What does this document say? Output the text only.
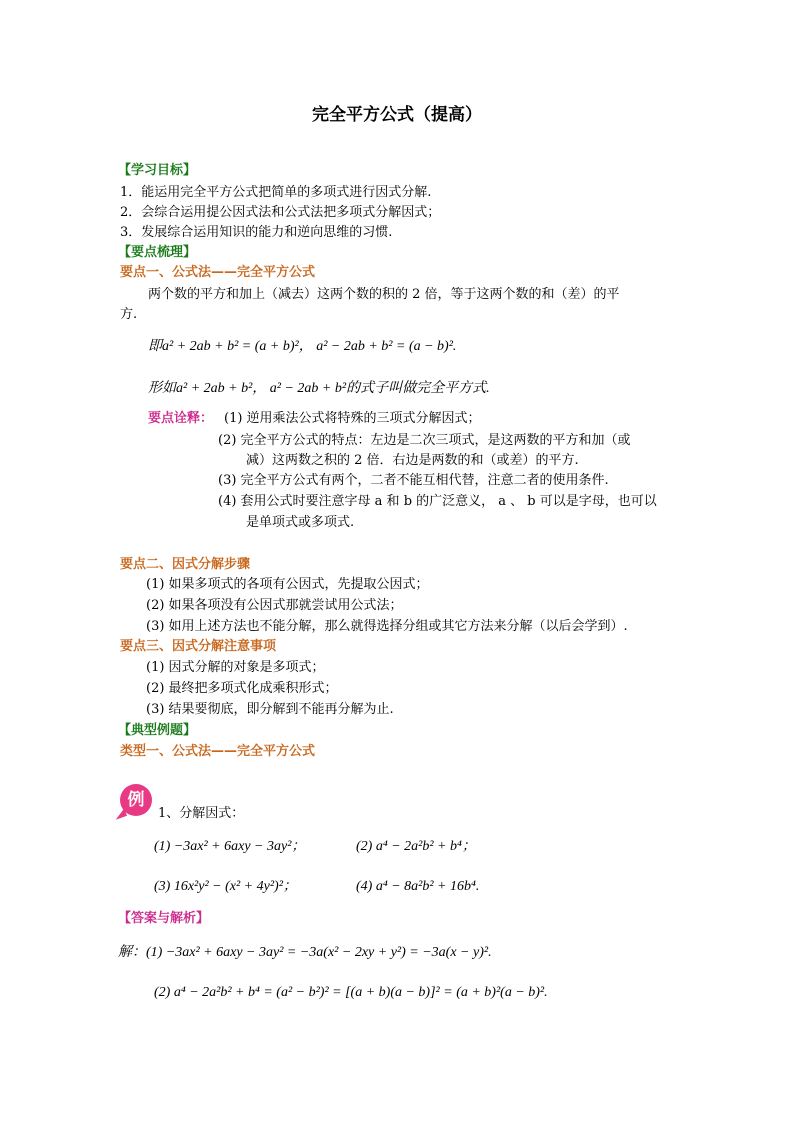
完全平方公式（提高）
【学习目标】
1．能运用完全平方公式把简单的多项式进行因式分解.
2．会综合运用提公因式法和公式法把多项式分解因式；
3．发展综合运用知识的能力和逆向思维的习惯.
【要点梳理】
要点一、公式法——完全平方公式
两个数的平方和加上（减去）这两个数的积的 2 倍，等于这两个数的和（差）的平
方.
即a² + 2ab + b² = (a + b)²， a² − 2ab + b² = (a − b)².
形如a² + 2ab + b²， a² − 2ab + b²的式子叫做完全平方式.
要点诠释： (1) 逆用乘法公式将特殊的三项式分解因式；
(2) 完全平方公式的特点：左边是二次三项式，是这两数的平方和加（或
减）这两数之积的 2 倍．右边是两数的和（或差）的平方.
(3) 完全平方公式有两个，二者不能互相代替，注意二者的使用条件.
(4) 套用公式时要注意字母 a 和 b 的广泛意义， a 、 b 可以是字母，也可以
是单项式或多项式.
要点二、因式分解步骤
(1) 如果多项式的各项有公因式，先提取公因式；
(2) 如果各项没有公因式那就尝试用公式法；
(3) 如用上述方法也不能分解，那么就得选择分组或其它方法来分解（以后会学到）.
要点三、因式分解注意事项
(1) 因式分解的对象是多项式；
(2) 最终把多项式化成乘积形式；
(3) 结果要彻底，即分解到不能再分解为止.
【典型例题】
类型一、公式法——完全平方公式
例
1、分解因式：
(1) −3ax² + 6axy − 3ay²；	(2) a⁴ − 2a²b² + b⁴；
(3) 16x²y² − (x² + 4y²)²；	(4) a⁴ − 8a²b² + 16b⁴.
【答案与解析】
解：(1) −3ax² + 6axy − 3ay² = −3a(x² − 2xy + y²) = −3a(x − y)².
(2) a⁴ − 2a²b² + b⁴ = (a² − b²)² = [(a + b)(a − b)]² = (a + b)²(a − b)².
